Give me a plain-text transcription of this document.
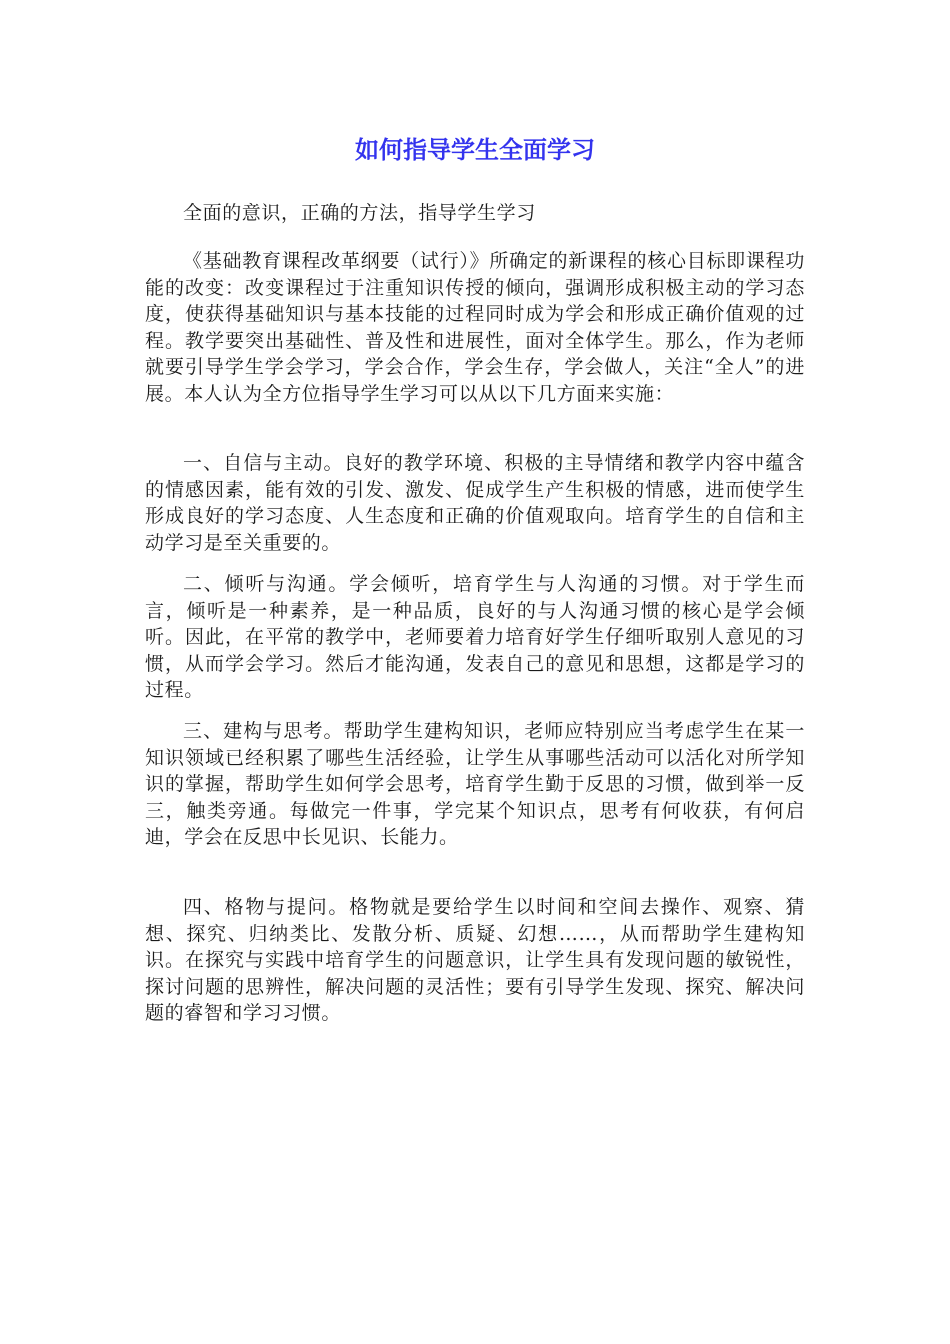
如何指导学生全面学习

全面的意识，正确的方法，指导学生学习

《基础教育课程改革纲要（试行）》所确定的新课程的核心目标即课程功能的改变：改变课程过于注重知识传授的倾向，强调形成积极主动的学习态度，使获得基础知识与基本技能的过程同时成为学会和形成正确价值观的过程。教学要突出基础性、普及性和进展性，面对全体学生。那么，作为老师就要引导学生学会学习，学会合作，学会生存，学会做人，关注“全人”的进展。本人认为全方位指导学生学习可以从以下几方面来实施：

一、自信与主动。良好的教学环境、积极的主导情绪和教学内容中蕴含的情感因素，能有效的引发、激发、促成学生产生积极的情感，进而使学生形成良好的学习态度、人生态度和正确的价值观取向。培育学生的自信和主动学习是至关重要的。

二、倾听与沟通。学会倾听，培育学生与人沟通的习惯。对于学生而言，倾听是一种素养，是一种品质，良好的与人沟通习惯的核心是学会倾听。因此，在平常的教学中，老师要着力培育好学生仔细听取别人意见的习惯，从而学会学习。然后才能沟通，发表自己的意见和思想，这都是学习的过程。

三、建构与思考。帮助学生建构知识，老师应特别应当考虑学生在某一知识领域已经积累了哪些生活经验，让学生从事哪些活动可以活化对所学知识的掌握，帮助学生如何学会思考，培育学生勤于反思的习惯，做到举一反三，触类旁通。每做完一件事，学完某个知识点，思考有何收获，有何启迪，学会在反思中长见识、长能力。

四、格物与提问。格物就是要给学生以时间和空间去操作、观察、猜想、探究、归纳类比、发散分析、质疑、幻想……，从而帮助学生建构知识。在探究与实践中培育学生的问题意识，让学生具有发现问题的敏锐性，探讨问题的思辨性，解决问题的灵活性；要有引导学生发现、探究、解决问题的睿智和学习习惯。
